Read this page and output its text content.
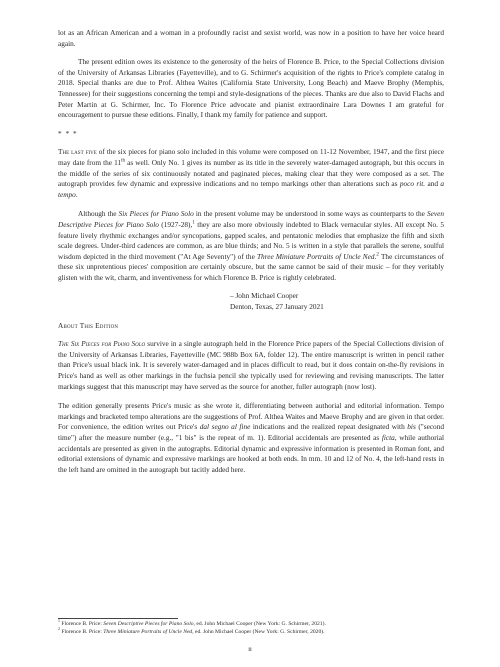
lot as an African American and a woman in a profoundly racist and sexist world, was now in a position to have her voice heard again.

The present edition owes its existence to the generosity of the heirs of Florence B. Price, to the Special Collections division of the University of Arkansas Libraries (Fayetteville), and to G. Schirmer's acquisition of the rights to Price's complete catalog in 2018. Special thanks are due to Prof. Althea Waites (California State University, Long Beach) and Maeve Brophy (Memphis, Tennessee) for their suggestions concerning the tempi and style-designations of the pieces. Thanks are due also to David Flachs and Peter Martin at G. Schirmer, Inc. To Florence Price advocate and pianist extraordinaire Lara Downes I am grateful for encouragement to pursue these editions. Finally, I thank my family for patience and support.

* * *

The last five of the six pieces for piano solo included in this volume were composed on 11-12 November, 1947, and the first piece may date from the 11th as well. Only No. 1 gives its number as its title in the severely water-damaged autograph, but this occurs in the middle of the series of six continuously notated and paginated pieces, making clear that they were composed as a set. The autograph provides few dynamic and expressive indications and no tempo markings other than alterations such as poco rit. and a tempo.

Although the Six Pieces for Piano Solo in the present volume may be understood in some ways as counterparts to the Seven Descriptive Pieces for Piano Solo (1927-28),$^1$ they are also more obviously indebted to Black vernacular styles. All except No. 5 feature lively rhythmic exchanges and/or syncopations, gapped scales, and pentatonic melodies that emphasize the fifth and sixth scale degrees. Under-third cadences are common, as are blue thirds; and No. 5 is written in a style that parallels the serene, soulful wisdom depicted in the third movement ("At Age Seventy") of the Three Miniature Portraits of Uncle Ned.$^2$ The circumstances of these six unpretentious pieces' composition are certainly obscure, but the same cannot be said of their music – for they veritably glisten with the wit, charm, and inventiveness for which Florence B. Price is rightly celebrated.

– John Michael Cooper
Denton, Texas, 27 January 2021

About This Edition

The Six Pieces for Piano Solo survive in a single autograph held in the Florence Price papers of the Special Collections division of the University of Arkansas Libraries, Fayetteville (MC 988b Box 6A, folder 12). The entire manuscript is written in pencil rather than Price's usual black ink. It is severely water-damaged and in places difficult to read, but it does contain on-the-fly revisions in Price's hand as well as other markings in the fuchsia pencil she typically used for reviewing and revising manuscripts. The latter markings suggest that this manuscript may have served as the source for another, fuller autograph (now lost).

The edition generally presents Price's music as she wrote it, differentiating between authorial and editorial information. Tempo markings and bracketed tempo alterations are the suggestions of Prof. Althea Waites and Maeve Brophy and are given in that order. For convenience, the edition writes out Price's dal segno al fine indications and the realized repeat designated with bis ("second time") after the measure number (e.g., "1 bis" is the repeat of m. 1). Editorial accidentals are presented as ficta, while authorial accidentals are presented as given in the autographs. Editorial dynamic and expressive information is presented in Roman font, and editorial extensions of dynamic and expressive markings are hooked at both ends. In mm. 10 and 12 of No. 4, the left-hand rests in the left hand are omitted in the autograph but tacitly added here.

$^1$ Florence B. Price: Seven Descriptive Pieces for Piano Solo, ed. John Michael Cooper (New York: G. Schirmer, 2021).
$^2$ Florence B. Price: Three Miniature Portraits of Uncle Ned, ed. John Michael Cooper (New York: G. Schirmer, 2020).
ii
